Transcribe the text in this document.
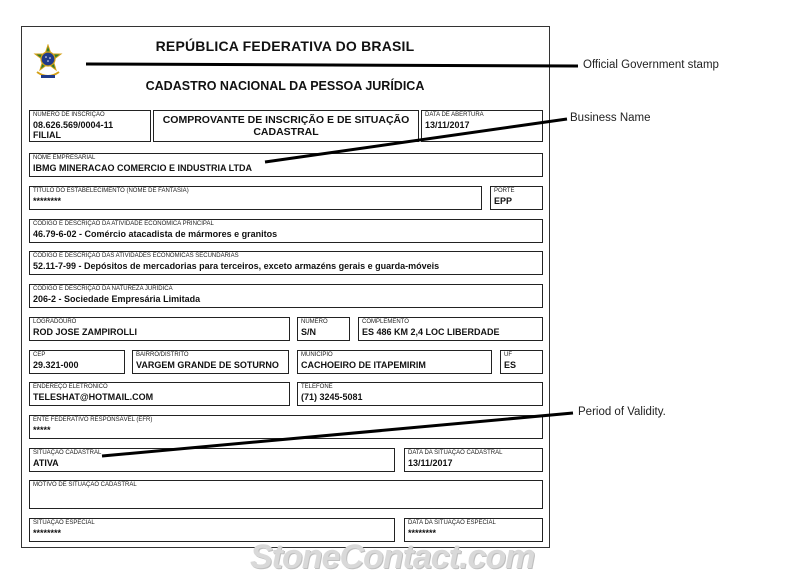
REPÚBLICA FEDERATIVA DO BRASIL
CADASTRO NACIONAL DA PESSOA JURÍDICA
NÚMERO DE INSCRIÇÃO
08.626.569/0004-11
FILIAL
COMPROVANTE DE INSCRIÇÃO E DE SITUAÇÃO
CADASTRAL
DATA DE ABERTURA
13/11/2017
NOME EMPRESARIAL
IBMG MINERACAO COMERCIO E INDUSTRIA LTDA
TÍTULO DO ESTABELECIMENTO (NOME DE FANTASIA)
********
PORTE
EPP
CÓDIGO E DESCRIÇÃO DA ATIVIDADE ECONÔMICA PRINCIPAL
46.79-6-02 - Comércio atacadista de mármores e granitos
CÓDIGO E DESCRIÇÃO DAS ATIVIDADES ECONÔMICAS SECUNDÁRIAS
52.11-7-99 - Depósitos de mercadorias para terceiros, exceto armazéns gerais e guarda-móveis
CÓDIGO E DESCRIÇÃO DA NATUREZA JURÍDICA
206-2 - Sociedade Empresária Limitada
LOGRADOURO
ROD JOSE ZAMPIROLLI
NÚMERO
S/N
COMPLEMENTO
ES 486 KM 2,4 LOC LIBERDADE
CEP
29.321-000
BAIRRO/DISTRITO
VARGEM GRANDE DE SOTURNO
MUNICÍPIO
CACHOEIRO DE ITAPEMIRIM
UF
ES
ENDEREÇO ELETRÔNICO
TELESHAT@HOTMAIL.COM
TELEFONE
(71) 3245-5081
ENTE FEDERATIVO RESPONSÁVEL (EFR)
*****
SITUAÇÃO CADASTRAL
ATIVA
DATA DA SITUAÇÃO CADASTRAL
13/11/2017
MOTIVO DE SITUAÇÃO CADASTRAL
SITUAÇÃO ESPECIAL
********
DATA DA SITUAÇÃO ESPECIAL
********
Official Government stamp
Business Name
Period of Validity.
StoneContact.com
